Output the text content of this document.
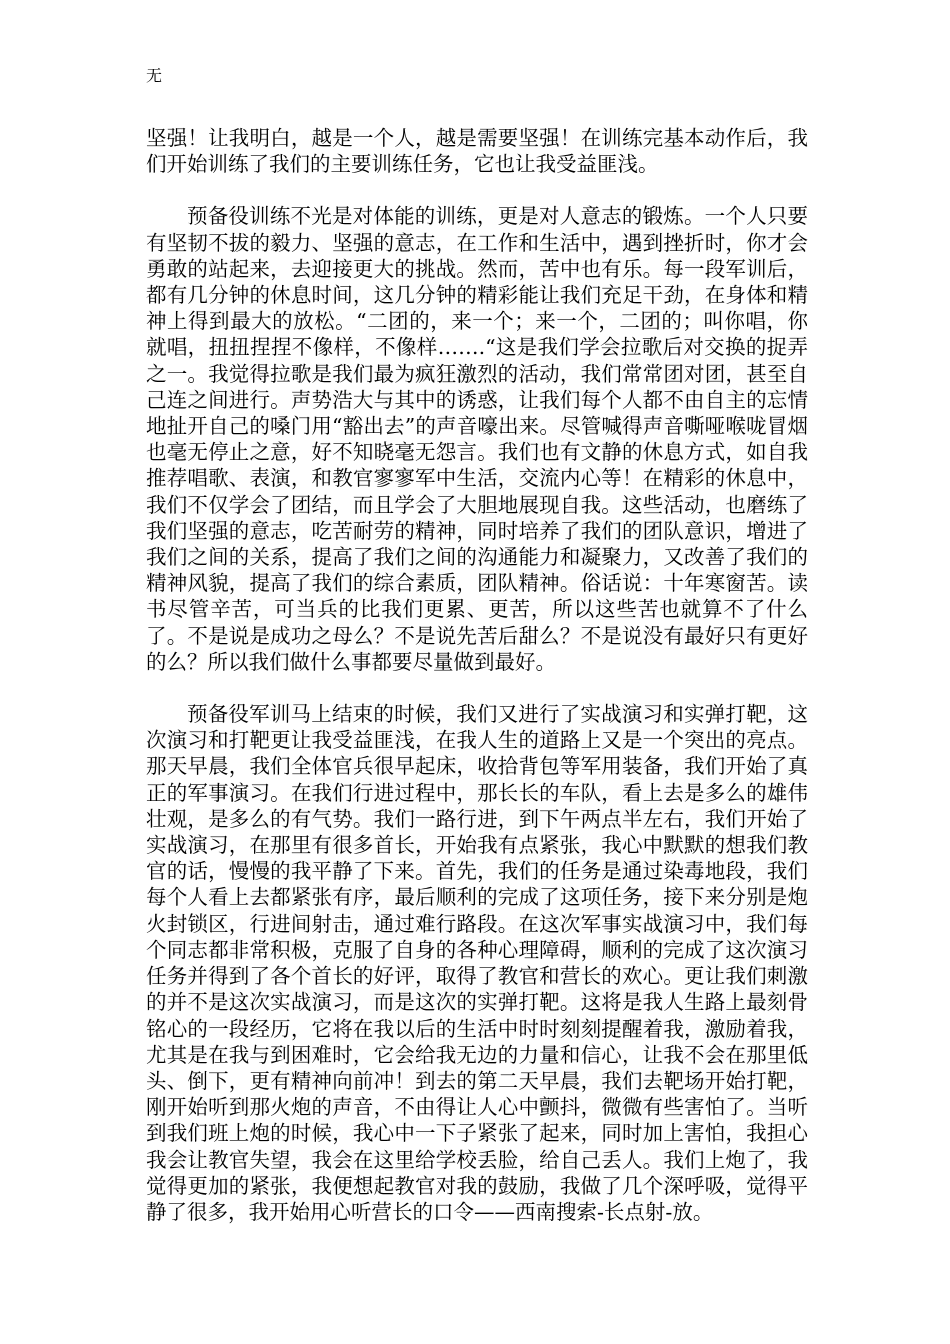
无

坚强！让我明白，越是一个人，越是需要坚强！在训练完基本动作后，我们开始训练了我们的主要训练任务，它也让我受益匪浅。

预备役训练不光是对体能的训练，更是对人意志的锻炼。一个人只要有坚韧不拔的毅力、坚强的意志，在工作和生活中，遇到挫折时，你才会勇敢的站起来，去迎接更大的挑战。然而，苦中也有乐。每一段军训后，都有几分钟的休息时间，这几分钟的精彩能让我们充足干劲，在身体和精神上得到最大的放松。“二团的，来一个；来一个，二团的；叫你唱，你就唱，扭扭捏捏不像样，不像样…….“这是我们学会拉歌后对交换的捉弄之一。我觉得拉歌是我们最为疯狂激烈的活动，我们常常团对团，甚至自己连之间进行。声势浩大与其中的诱惑，让我们每个人都不由自主的忘情地扯开自己的嗓门用“豁出去”的声音嚎出来。尽管喊得声音嘶哑喉咙冒烟也毫无停止之意，好不知晓毫无怨言。我们也有文静的休息方式，如自我推荐唱歌、表演，和教官寥寥军中生活，交流内心等！在精彩的休息中，我们不仅学会了团结，而且学会了大胆地展现自我。这些活动，也磨练了我们坚强的意志，吃苦耐劳的精神，同时培养了我们的团队意识，增进了我们之间的关系，提高了我们之间的沟通能力和凝聚力，又改善了我们的精神风貌，提高了我们的综合素质，团队精神。俗话说：十年寒窗苦。读书尽管辛苦，可当兵的比我们更累、更苦，所以这些苦也就算不了什么了。不是说是成功之母么？不是说先苦后甜么？不是说没有最好只有更好的么？所以我们做什么事都要尽量做到最好。

预备役军训马上结束的时候，我们又进行了实战演习和实弹打靶，这次演习和打靶更让我受益匪浅，在我人生的道路上又是一个突出的亮点。那天早晨，我们全体官兵很早起床，收拾背包等军用装备，我们开始了真正的军事演习。在我们行进过程中，那长长的车队，看上去是多么的雄伟壮观，是多么的有气势。我们一路行进，到下午两点半左右，我们开始了实战演习，在那里有很多首长，开始我有点紧张，我心中默默的想我们教官的话，慢慢的我平静了下来。首先，我们的任务是通过染毒地段，我们每个人看上去都紧张有序，最后顺利的完成了这项任务，接下来分别是炮火封锁区，行进间射击，通过难行路段。在这次军事实战演习中，我们每个同志都非常积极，克服了自身的各种心理障碍，顺利的完成了这次演习任务并得到了各个首长的好评，取得了教官和营长的欢心。更让我们刺激的并不是这次实战演习，而是这次的实弹打靶。这将是我人生路上最刻骨铭心的一段经历，它将在我以后的生活中时时刻刻提醒着我，激励着我，尤其是在我与到困难时，它会给我无边的力量和信心，让我不会在那里低头、倒下，更有精神向前冲！到去的第二天早晨，我们去靶场开始打靶，刚开始听到那火炮的声音，不由得让人心中颤抖，微微有些害怕了。当听到我们班上炮的时候，我心中一下子紧张了起来，同时加上害怕，我担心我会让教官失望，我会在这里给学校丢脸，给自己丢人。我们上炮了，我觉得更加的紧张，我便想起教官对我的鼓励，我做了几个深呼吸，觉得平静了很多，我开始用心听营长的口令——西南搜索-长点射-放。
